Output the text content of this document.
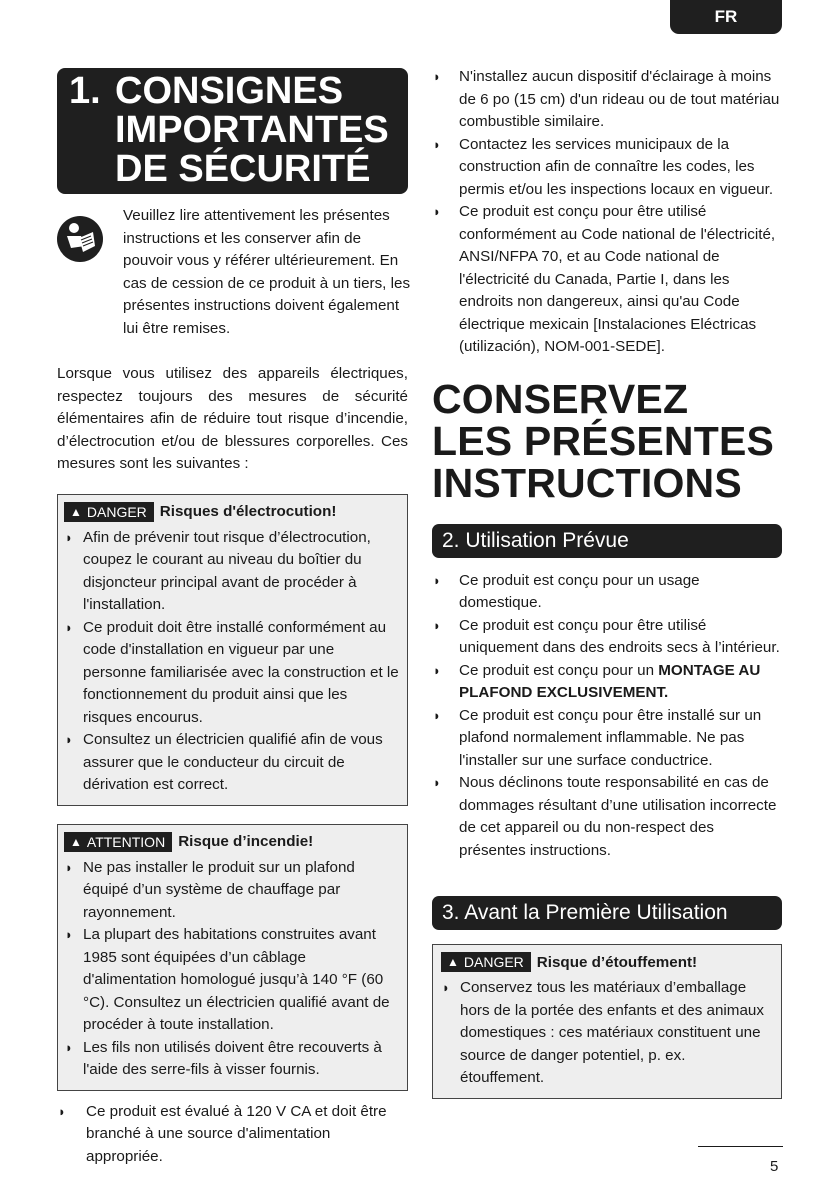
FR
1. CONSIGNES
IMPORTANTES
DE SÉCURITÉ
Veuillez lire attentivement les présentes instructions et les conserver afin de pouvoir vous y référer ultérieurement. En cas de cession de ce produit à un tiers, les présentes instructions doivent également lui être remises.
Lorsque vous utilisez des appareils électriques, respectez toujours des mesures de sécurité élémentaires afin de réduire tout risque d’incendie, d’électrocution et/ou de blessures corporelles. Ces mesures sont les suivantes :
▲ DANGER Risques d'électrocution!
◗ Afin de prévenir tout risque d’électrocution, coupez le courant au niveau du boîtier du disjoncteur principal avant de procéder à l'installation.
◗ Ce produit doit être installé conformément au code d'installation en vigueur par une personne familiarisée avec la construction et le fonctionnement du produit ainsi que les risques encourus.
◗ Consultez un électricien qualifié afin de vous assurer que le conducteur du circuit de dérivation est correct.
▲ ATTENTION Risque d’incendie!
◗ Ne pas installer le produit sur un plafond équipé d’un système de chauffage par rayonnement.
◗ La plupart des habitations construites avant 1985 sont équipées d’un câblage d'alimentation homologué jusqu’à 140 °F (60 °C). Consultez un électricien qualifié avant de procéder à toute installation.
◗ Les fils non utilisés doivent être recouverts à l'aide des serre-fils à visser fournis.
◗ Ce produit est évalué à 120 V CA et doit être branché à une source d'alimentation appropriée.
◗ N'installez aucun dispositif d'éclairage à moins de 6 po (15 cm) d'un rideau ou de tout matériau combustible similaire.
◗ Contactez les services municipaux de la construction afin de connaître les codes, les permis et/ou les inspections locaux en vigueur.
◗ Ce produit est conçu pour être utilisé conformément au Code national de l'électricité, ANSI/NFPA 70, et au Code national de l'électricité du Canada, Partie I, dans les endroits non dangereux, ainsi qu'au Code électrique mexicain [Instalaciones Eléctricas (utilización), NOM-001-SEDE].
CONSERVEZ
LES PRÉSENTES
INSTRUCTIONS
2. Utilisation Prévue
◗ Ce produit est conçu pour un usage domestique.
◗ Ce produit est conçu pour être utilisé uniquement dans des endroits secs à l’intérieur.
◗ Ce produit est conçu pour un MONTAGE AU PLAFOND EXCLUSIVEMENT.
◗ Ce produit est conçu pour être installé sur un plafond normalement inflammable. Ne pas l'installer sur une surface conductrice.
◗ Nous déclinons toute responsabilité en cas de dommages résultant d’une utilisation incorrecte de cet appareil ou du non-respect des présentes instructions.
3. Avant la Première Utilisation
▲ DANGER Risque d’étouffement!
◗ Conservez tous les matériaux d’emballage hors de la portée des enfants et des animaux domestiques : ces matériaux constituent une source de danger potentiel, p. ex. étouffement.
5
